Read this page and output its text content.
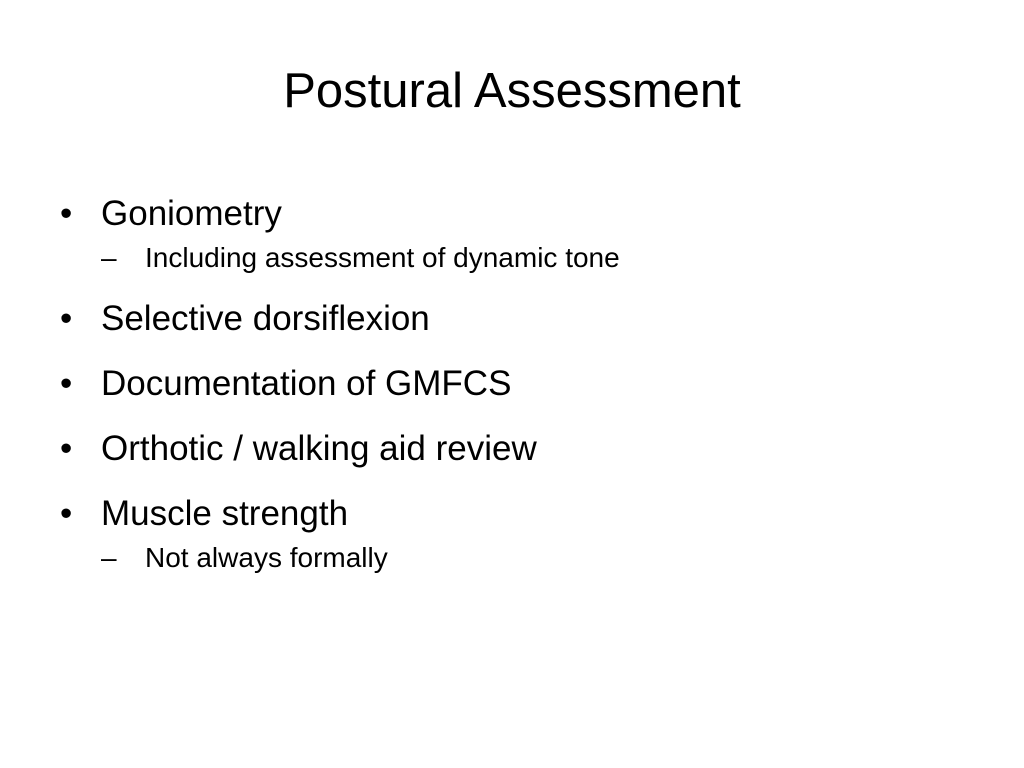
Postural Assessment
• Goniometry
– Including assessment of dynamic tone
• Selective dorsiflexion
• Documentation of GMFCS
• Orthotic / walking aid review
• Muscle strength
– Not always formally
